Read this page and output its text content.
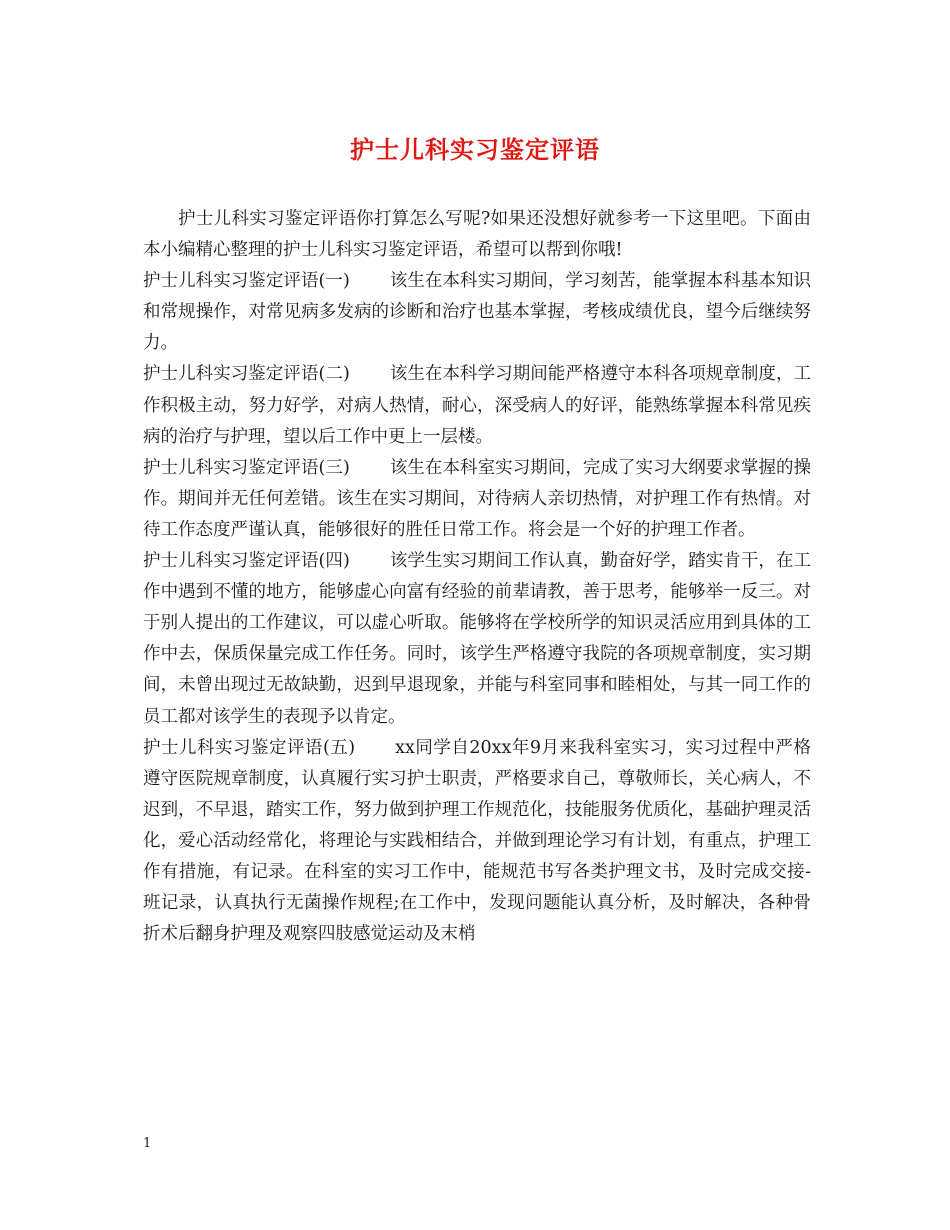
护士儿科实习鉴定评语

护士儿科实习鉴定评语你打算怎么写呢?如果还没想好就参考一下这里吧。下面由本小编精心整理的护士儿科实习鉴定评语，希望可以帮到你哦!

护士儿科实习鉴定评语(一) 该生在本科实习期间，学习刻苦，能掌握本科基本知识和常规操作，对常见病多发病的诊断和治疗也基本掌握，考核成绩优良，望今后继续努力。

护士儿科实习鉴定评语(二) 该生在本科学习期间能严格遵守本科各项规章制度，工作积极主动，努力好学，对病人热情，耐心，深受病人的好评，能熟练掌握本科常见疾病的治疗与护理，望以后工作中更上一层楼。

护士儿科实习鉴定评语(三) 该生在本科室实习期间，完成了实习大纲要求掌握的操作。期间并无任何差错。该生在实习期间，对待病人亲切热情，对护理工作有热情。对待工作态度严谨认真，能够很好的胜任日常工作。将会是一个好的护理工作者。

护士儿科实习鉴定评语(四) 该学生实习期间工作认真，勤奋好学，踏实肯干，在工作中遇到不懂的地方，能够虚心向富有经验的前辈请教，善于思考，能够举一反三。对于别人提出的工作建议，可以虚心听取。能够将在学校所学的知识灵活应用到具体的工作中去，保质保量完成工作任务。同时，该学生严格遵守我院的各项规章制度，实习期间，未曾出现过无故缺勤，迟到早退现象，并能与科室同事和睦相处，与其一同工作的员工都对该学生的表现予以肯定。

护士儿科实习鉴定评语(五) xx同学自20xx年9月来我科室实习，实习过程中严格遵守医院规章制度，认真履行实习护士职责，严格要求自己，尊敬师长，关心病人，不迟到，不早退，踏实工作，努力做到护理工作规范化，技能服务优质化，基础护理灵活化，爱心活动经常化，将理论与实践相结合，并做到理论学习有计划，有重点，护理工作有措施，有记录。在科室的实习工作中，能规范书写各类护理文书，及时完成交接-班记录，认真执行无菌操作规程;在工作中，发现问题能认真分析，及时解决，各种骨折术后翻身护理及观察四肢感觉运动及末梢

1
